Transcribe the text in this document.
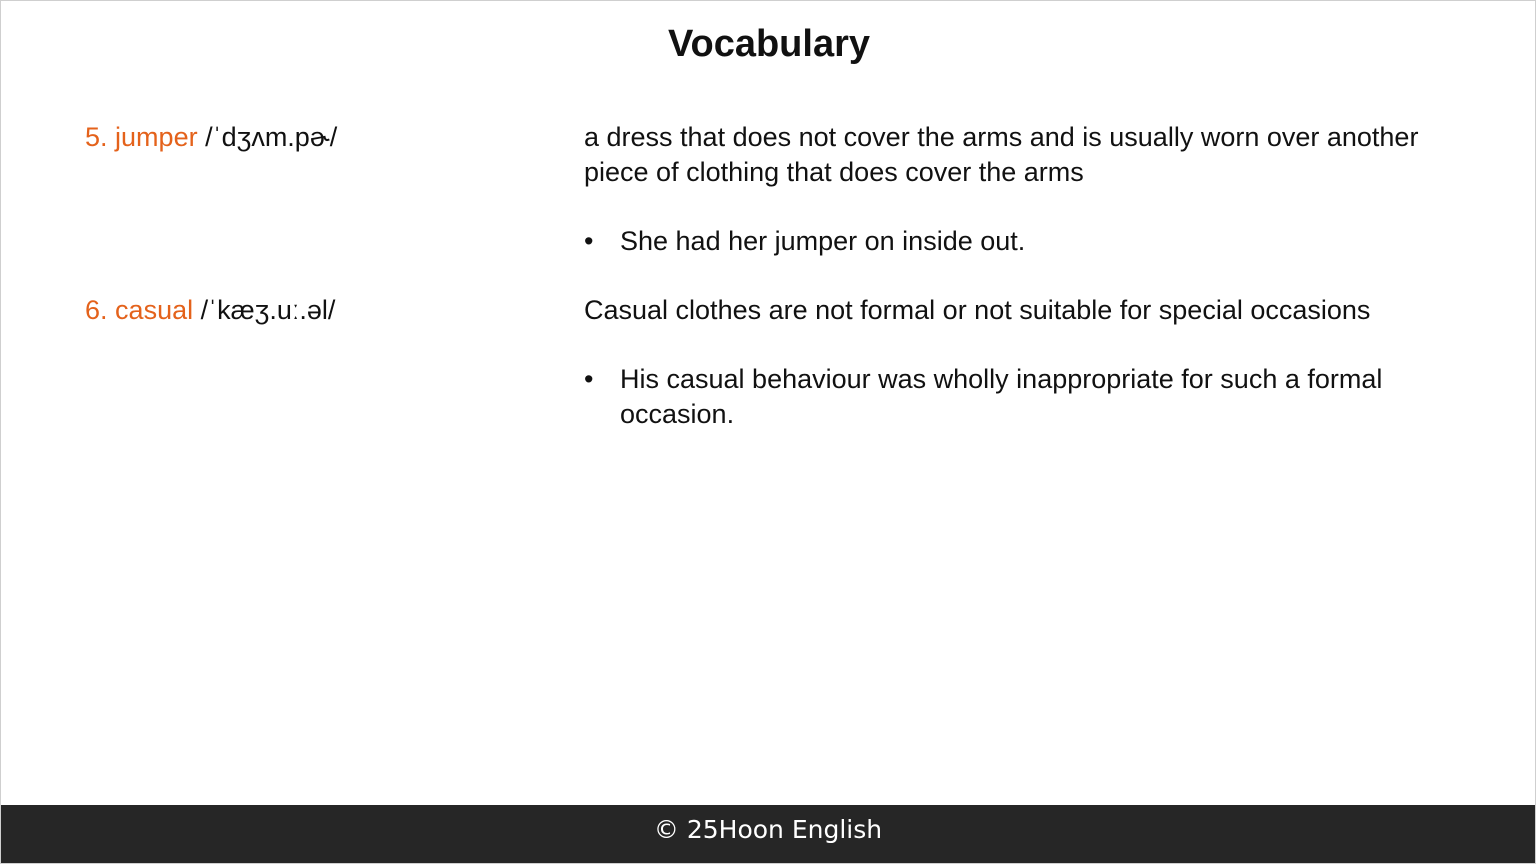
Vocabulary
5. jumper /ˈdʒʌm.pɚ/	a dress that does not cover the arms and is usually worn over another piece of clothing that does cover the arms
• She had her jumper on inside out.
6. casual /ˈkæʒ.uː.əl/	Casual clothes are not formal or not suitable for special occasions
• His casual behaviour was wholly inappropriate for such a formal occasion.
© 25Hoon English
